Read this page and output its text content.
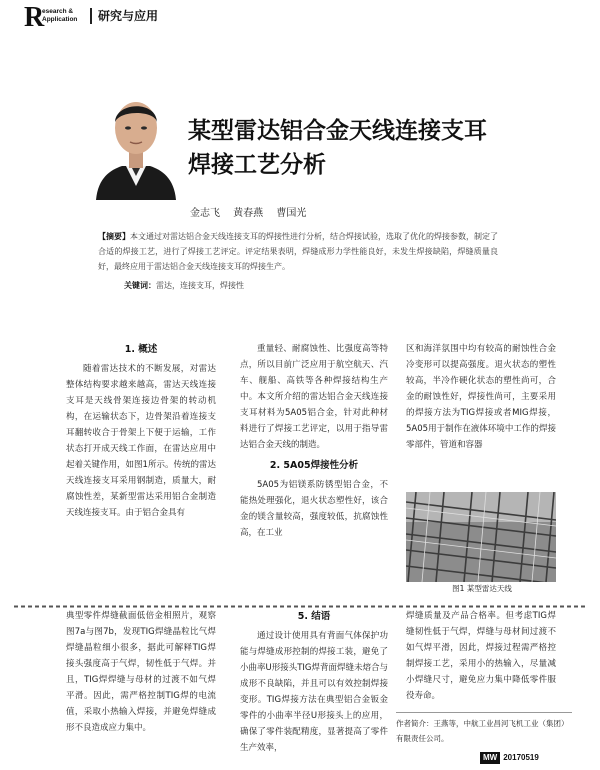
R
esearch &
Application 研究与应用
某型雷达铝合金天线连接支耳
焊接工艺分析
金志飞 黄春燕 曹国光
【摘要】本文通过对雷达铝合金天线连接支耳的焊接性进行分析，结合焊接试验，选取了优化的焊接参数，制定了合适的焊接工艺，进行了焊接工艺评定。评定结果表明，焊缝成形力学性能良好，未发生焊接缺陷，焊缝质量良好，最终应用于雷达铝合金天线连接支耳的焊接生产。
关键词：雷达，连接支耳，焊接性
1. 概述

随着雷达技术的不断发展，对雷达整体结构要求越来越高，雷达天线连接支耳是天线骨架连接边骨架的转动机构，在运输状态下，边骨架沿着连接支耳翻转收合于骨架上下便于运输，工作状态打开成天线工作面，在雷达应用中起着关键作用，如图1所示。传统的雷达天线连接支耳采用钢制造，质量大，耐腐蚀性差，某新型雷达采用铝合金制造天线连接支耳。由于铝合金具有

重量轻、耐腐蚀性、比强度高等特点，所以目前广泛应用于航空航天、汽车、舰船、高铁等各种焊接结构生产中。本文所介绍的雷达铝合金天线连接支耳材料为5A05铝合金，针对此种材料进行了焊接工艺评定，以用于指导雷达铝合金天线的制造。

2. 5A05焊接性分析

5A05为铝镁系防锈型铝合金，不能热处理强化，退火状态塑性好，该合金的镁含量较高，强度较低，抗腐蚀性高，在工业

区和海洋氛围中均有较高的耐蚀性合金冷变形可以提高强度。退火状态的塑性较高，半冷作硬化状态的塑性尚可，合金的耐蚀性好，焊接性尚可，主要采用的焊接方法为TIG焊接或者MIG焊接，5A05用于制作在液体环境中工作的焊接零部件，管道和容器

图1 某型雷达天线

典型零件焊缝截面低倍金相照片，观察图7a与图7b，发现TIG焊缝晶粒比气焊焊缝晶粒细小很多，据此可解释TIG焊接头强度高于气焊，韧性低于气焊。并且，TIG焊焊缝与母材的过渡不如气焊平滑。因此，需严格控制TIG焊的电流值，采取小热输入焊接，并避免焊缝成形不良造成应力集中。

5. 结语

通过设计使用具有背面气体保护功能与焊缝成形控制的焊接工装，避免了小曲率U形接头TIG焊背面焊缝未熔合与成形不良缺陷，并且可以有效控制焊接变形。TIG焊接方法在典型铝合金钣金零件的小曲率半径U形接头上的应用，确保了零件装配精度，显著提高了零件生产效率，

焊缝质量及产品合格率。但考虑TIG焊缝韧性低于气焊，焊缝与母材间过渡不如气焊平滑，因此，焊接过程需严格控制焊接工艺，采用小的热输入，尽量减小焊缝尺寸，避免应力集中降低零件服役寿命。

作者简介：王燕等，中航工业昌河飞机工业（集团）有限责任公司。
MW 20170519
